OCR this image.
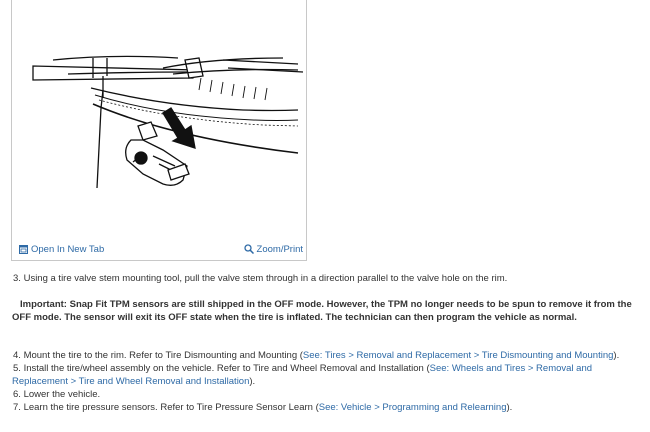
Open In New Tab	Zoom/Print
3. Using a tire valve stem mounting tool, pull the valve stem through in a direction parallel to the valve hole on the rim.
Important: Snap Fit TPM sensors are still shipped in the OFF mode. However, the TPM no longer needs to be spun to remove it from the OFF mode. The sensor will exit its OFF state when the tire is inflated. The technician can then program the vehicle as normal.
4. Mount the tire to the rim. Refer to Tire Dismounting and Mounting (See: Tires > Removal and Replacement > Tire Dismounting and Mounting).
5. Install the tire/wheel assembly on the vehicle. Refer to Tire and Wheel Removal and Installation (See: Wheels and Tires > Removal and Replacement > Tire and Wheel Removal and Installation).
6. Lower the vehicle.
7. Learn the tire pressure sensors. Refer to Tire Pressure Sensor Learn (See: Vehicle > Programming and Relearning).
